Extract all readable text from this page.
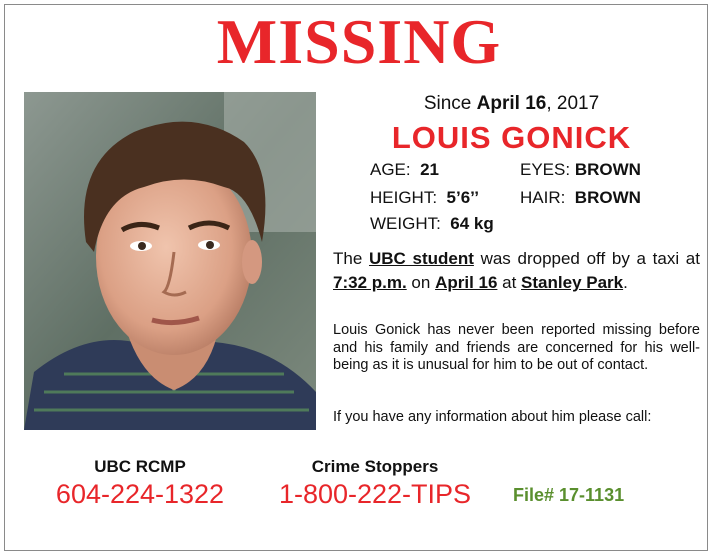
MISSING
Since April 16, 2017
LOUIS GONICK
AGE: 21	EYES: BROWN
HEIGHT: 5’6’’ HAIR: BROWN
WEIGHT: 64 kg
The UBC student was dropped off by a taxi at 7:32 p.m. on April 16 at Stanley Park.
Louis Gonick has never been reported missing before and his family and friends are concerned for his well-being as it is unusual for him to be out of contact.
If you have any information about him please call:
UBC RCMP
604-224-1322
Crime Stoppers
1-800-222-TIPS	File# 17-1131
